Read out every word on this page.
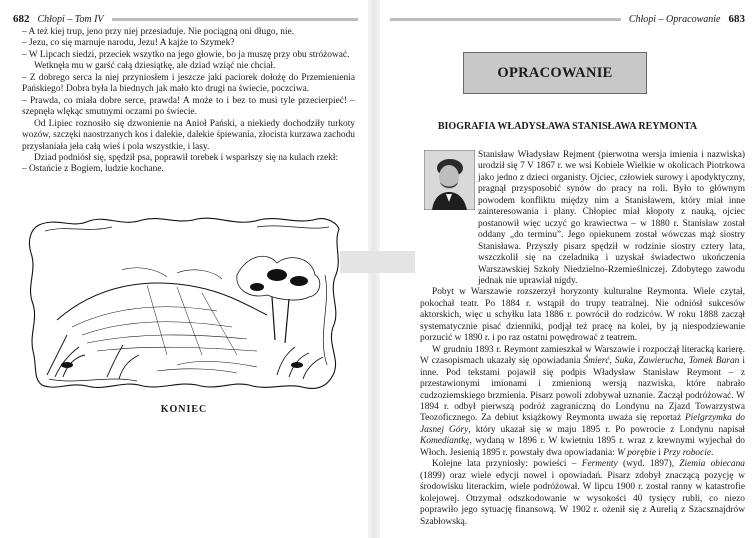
682 Chłopi – Tom IV

– A też kiej trup, jeno przy niej przesiaduje. Nie pociągną oni długo, nie.

– Jezu, co się marnuje narodu, Jezu! A kajże to Szymek?

– W Lipcach siedzi, przeciek wszytko na jego głowie, bo ja muszę przy obu stróżować.

Wetknęła mu w garść całą dziesiątkę, ale dziad wziąć nie chciał.

– Z dobrego serca la niej przyniosłem i jeszcze jaki paciorek dołożę do Przemienienia Pańskiego! Dobra była la biednych jak mało kto drugi na świecie, poczciwa.

– Prawda, co miała dobre serce, prawda! A może to i bez to musi tyle przecierpieć! – szepnęła wlękąc smutnymi oczami po świecie.

Od Lipiec roznosiło się dzwonienie na Anioł Pański, a niekiedy dochodziły turkoty wozów, szczęki naostrzanych kos i dalekie, dalekie śpiewania, złocista kurzawa zachodu przysłaniała jeła całą wieś i pola wszystkie, i lasy.

Dziad podniósł się, spędził psa, poprawił torebek i wsparłszy się na kulach rzekł:

– Ostańcie z Bogiem, ludzie kochane.

KONIEC
Chłopi – Opracowanie 683
OPRACOWANIE
BIOGRAFIA WŁADYSŁAWA STANISŁAWA REYMONTA

Stanisław Władysław Rejment (pierwotna wersja imienia i nazwiska) urodził się 7 V 1867 r. we wsi Kobiele Wielkie w okolicach Piotrkowa jako jedno z dzieci organisty. Ojciec, człowiek surowy i apodyktyczny, pragnął przysposobić synów do pracy na roli. Było to głównym powodem konfliktu między nim a Stanisławem, który miał inne zainteresowania i plany. Chłopiec miał kłopoty z nauką, ojciec postanowił więc uczyć go krawiectwa – w 1880 r. Stanisław został oddany „do terminu”. Jego opiekunem został wówczas mąż siostry Stanisława. Przyszły pisarz spędził w rodzinie siostry cztery lata, wszczkolił się na czeladnika i uzyskał świadectwo ukończenia Warszawskiej Szkoły Niedzielno-Rzemieślniczej. Zdobytego zawodu jednak nie uprawiał nigdy.

Pobyt w Warszawie rozszerzył horyzonty kulturalne Reymonta. Wiele czytał, pokochał teatr. Po 1884 r. wstąpił do trupy teatralnej. Nie odniósł sukcesów aktorskich, więc u schyłku lata 1886 r. powrócił do rodziców. W roku 1888 zaczął systematycznie pisać dzienniki, podjął też pracę na kolei, by ją niespodziewanie porzucić w 1890 r. i po raz ostatni powędrować z teatrem.

W grudniu 1893 r. Reymont zamieszkał w Warszawie i rozpoczął literacką karierę. W czasopismach ukazały się opowiadania Śmierć, Suka, Zawierucha, Tomek Baran i inne. Pod tekstami pojawił się podpis Władysław Stanisław Reymont – z przestawionymi imionami i zmienioną wersją nazwiska, które nabrało cudzoziemskiego brzmienia. Pisarz powoli zdobywał uznanie. Zaczął podróżować. W 1894 r. odbył pierwszą podróż zagraniczną do Londynu na Zjazd Towarzystwa Teozoficznego. Za debiut książkowy Reymonta uważa się reportaż Pielgrzymka do Jasnej Góry, który ukazał się w maju 1895 r. Po powrocie z Londynu napisał Komediantkę, wydaną w 1896 r. W kwietniu 1895 r. wraz z krewnymi wyjechał do Włoch. Jesienią 1895 r. powstały dwa opowiadania: W porębie i Przy robocie.

Kolejne lata przyniosły: powieści – Fermenty (wyd. 1897), Ziemia obiecana (1899) oraz wiele edycji nowel i opowiadań. Pisarz zdobył znaczącą pozycję w środowisku literackim, wiele podróżował. W lipcu 1900 r. został ranny w katastrofie kolejowej. Otrzymał odszkodowanie w wysokości 40 tysięcy rubli, co niezo poprawiło jego sytuację finansową. W 1902 r. ożenił się z Aurelią z Szacsznajdrów Szabłowską.
